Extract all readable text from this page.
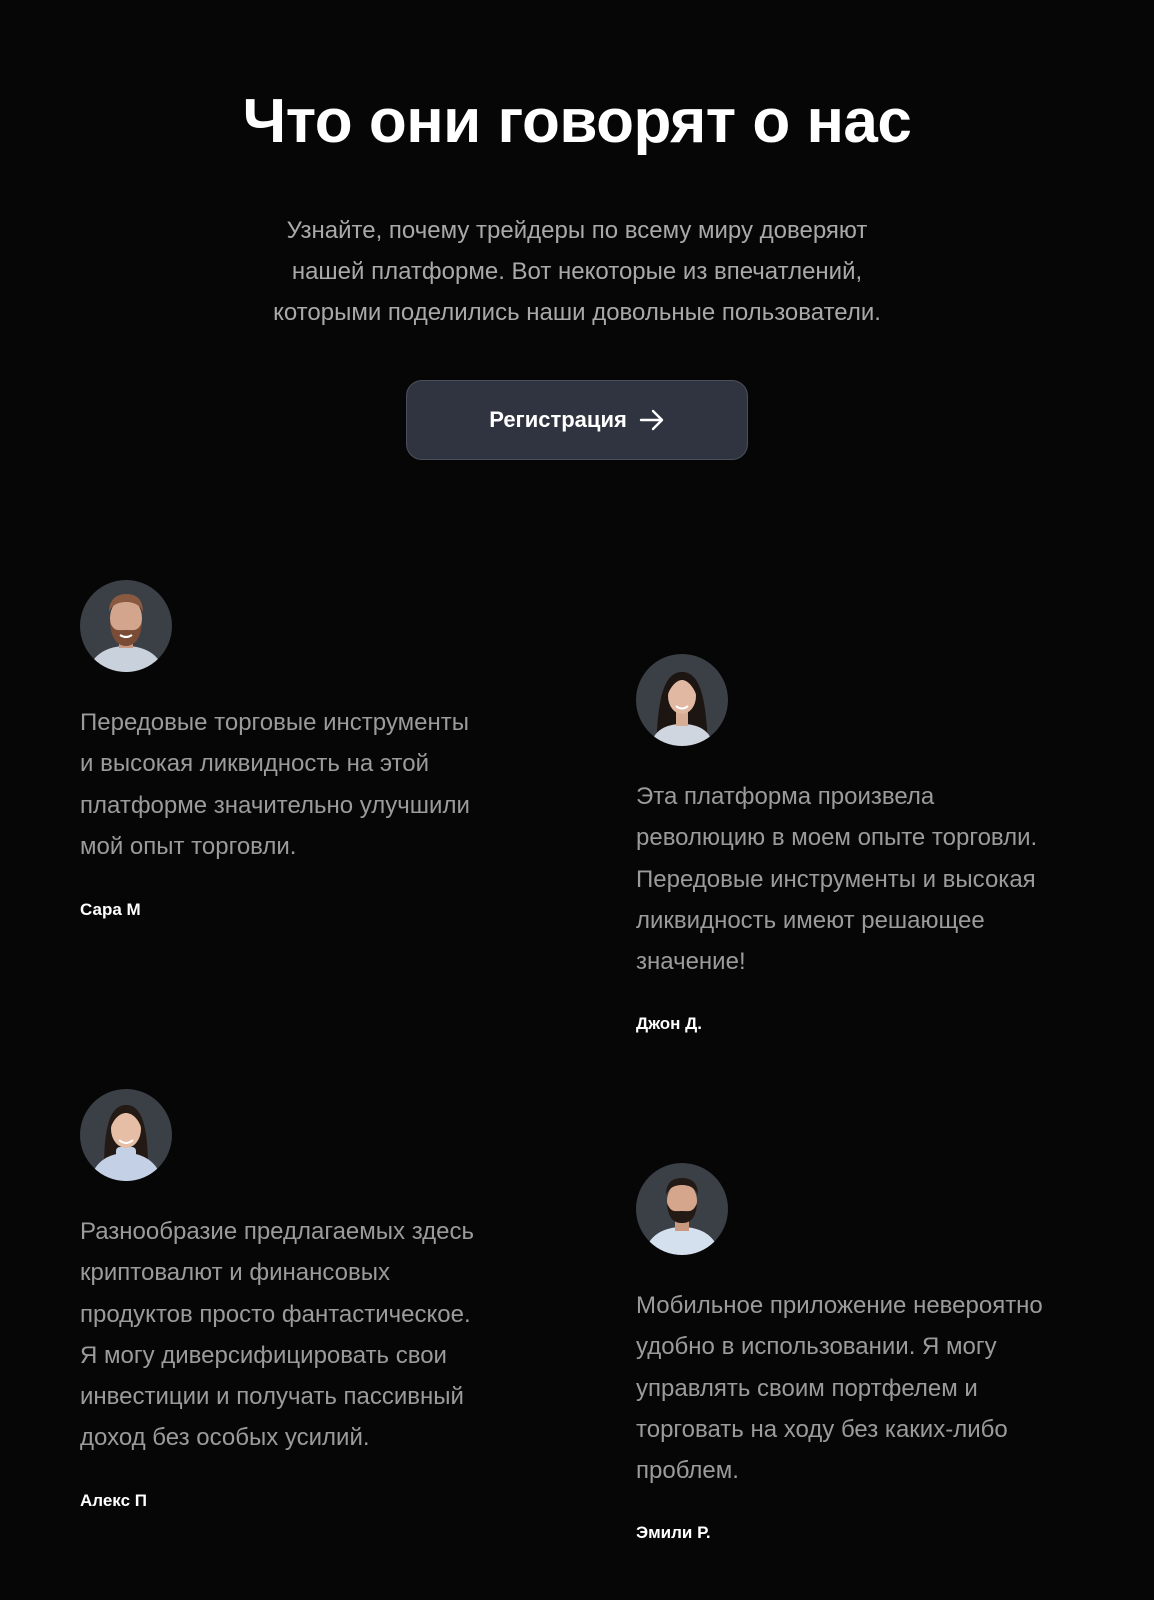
Что они говорят о нас

Узнайте, почему трейдеры по всему миру доверяют
нашей платформе. Вот некоторые из впечатлений,
которыми поделились наши довольные пользователи.

Регистрация

Передовые торговые инструменты
и высокая ликвидность на этой
платформе значительно улучшили
мой опыт торговли.

Сара М

Эта платформа произвела
революцию в моем опыте торговли.
Передовые инструменты и высокая
ликвидность имеют решающее
значение!

Джон Д.

Разнообразие предлагаемых здесь
криптовалют и финансовых
продуктов просто фантастическое.
Я могу диверсифицировать свои
инвестиции и получать пассивный
доход без особых усилий.

Алекс П

Мобильное приложение невероятно
удобно в использовании. Я могу
управлять своим портфелем и
торговать на ходу без каких-либо
проблем.

Эмили Р.
